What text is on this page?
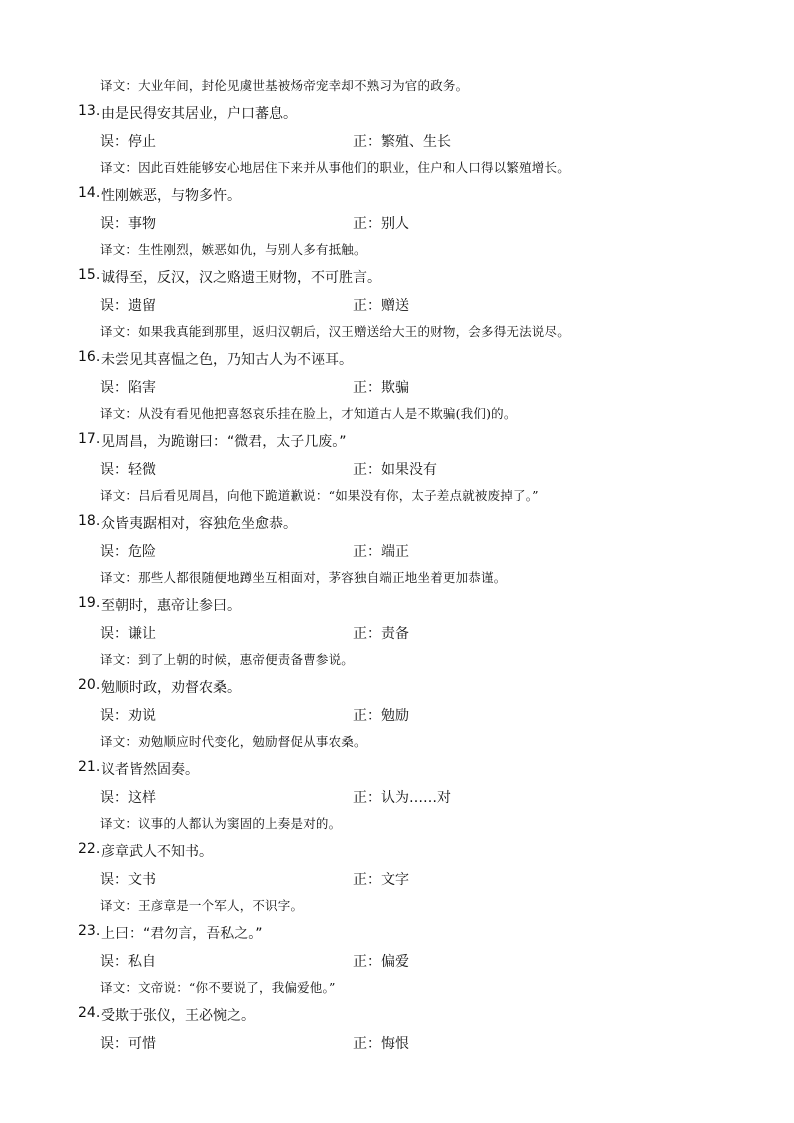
译文：大业年间，封伦见虞世基被炀帝宠幸却不熟习为官的政务。
13. 由是民得安其居业，户口蕃息。
误：停止	正：繁殖、生长
译文：因此百姓能够安心地居住下来并从事他们的职业，住户和人口得以繁殖增长。
14. 性刚嫉恶，与物多忤。
误：事物	正：别人
译文：生性刚烈，嫉恶如仇，与别人多有抵触。
15. 诚得至，反汉，汉之赂遗王财物，不可胜言。
误：遗留	正：赠送
译文：如果我真能到那里，返归汉朝后，汉王赠送给大王的财物，会多得无法说尽。
16. 未尝见其喜愠之色，乃知古人为不诬耳。
误：陷害	正：欺骗
译文：从没有看见他把喜怒哀乐挂在脸上，才知道古人是不欺骗(我们)的。
17. 见周昌，为跪谢曰：“微君，太子几废。”
误：轻微	正：如果没有
译文：吕后看见周昌，向他下跪道歉说：“如果没有你，太子差点就被废掉了。”
18. 众皆夷踞相对，容独危坐愈恭。
误：危险	正：端正
译文：那些人都很随便地蹲坐互相面对，茅容独自端正地坐着更加恭谨。
19. 至朝时，惠帝让参曰。
误：谦让	正：责备
译文：到了上朝的时候，惠帝便责备曹参说。
20. 勉顺时政，劝督农桑。
误：劝说	正：勉励
译文：劝勉顺应时代变化，勉励督促从事农桑。
21. 议者皆然固奏。
误：这样	正：认为……对
译文：议事的人都认为窦固的上奏是对的。
22. 彦章武人不知书。
误：文书	正：文字
译文：王彦章是一个军人，不识字。
23. 上曰：“君勿言，吾私之。”
误：私自	正：偏爱
译文：文帝说：“你不要说了，我偏爱他。”
24. 受欺于张仪，王必惋之。
误：可惜	正：悔恨
